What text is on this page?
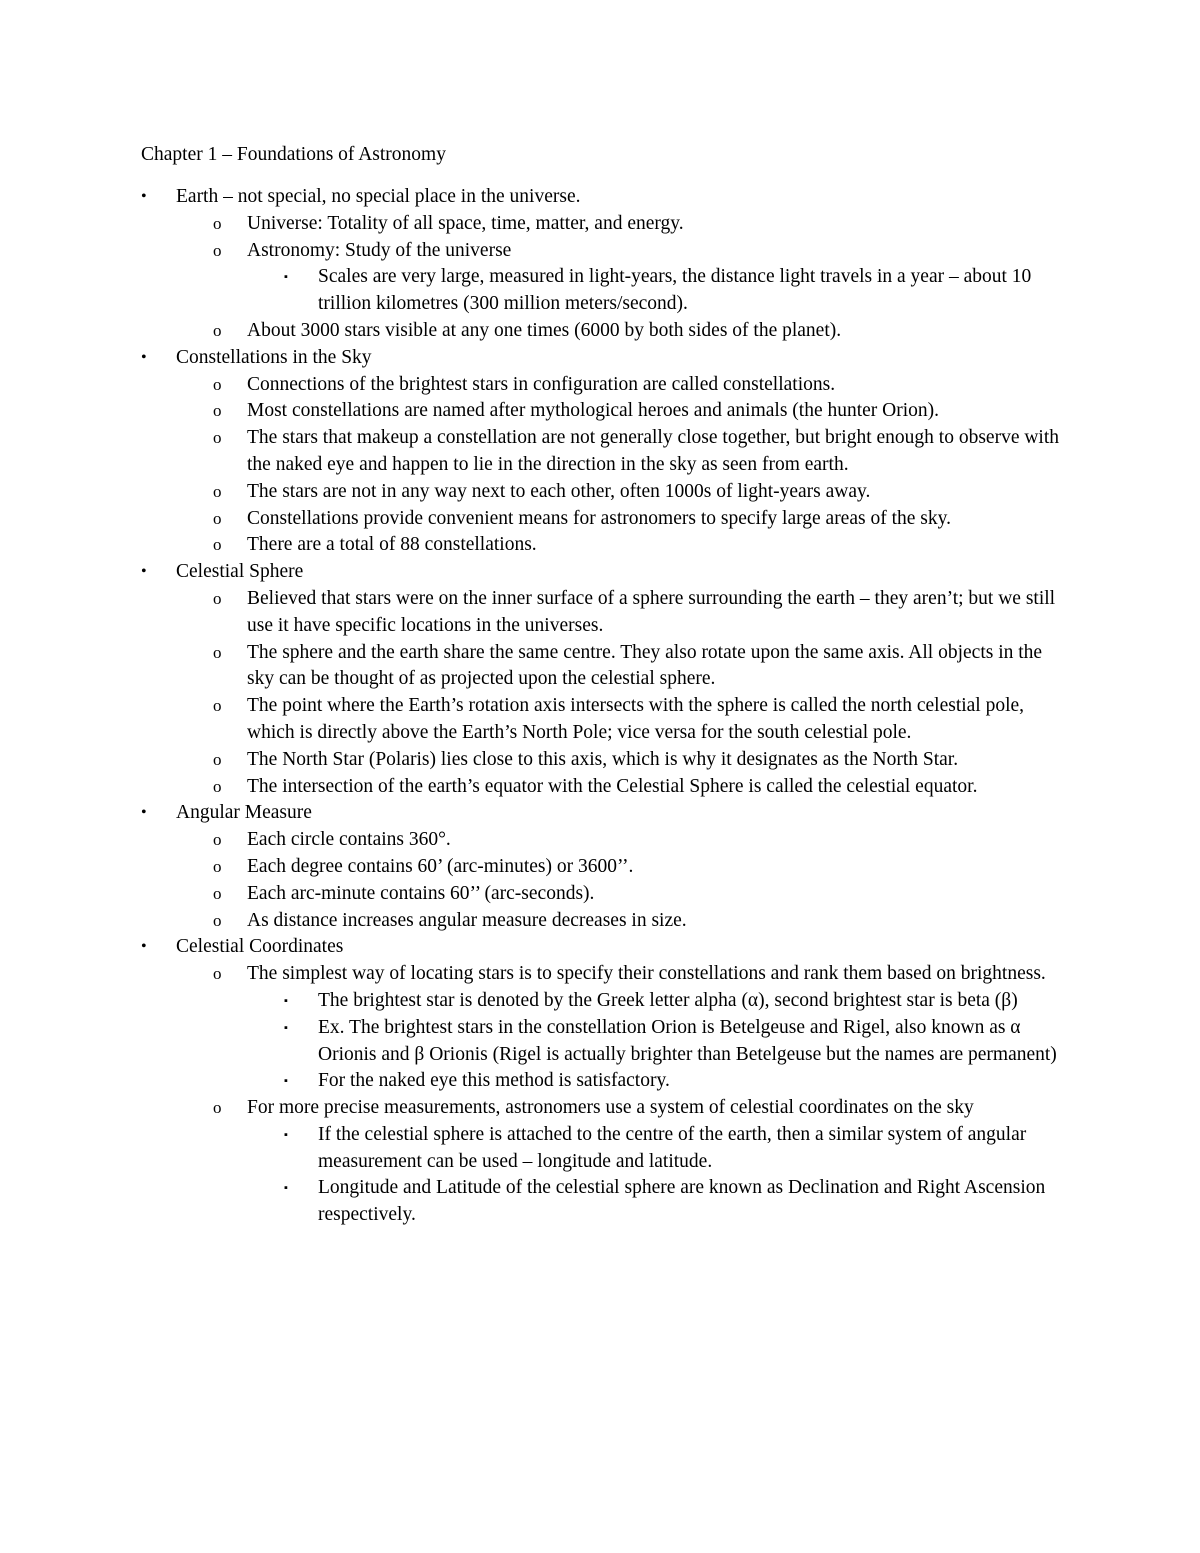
Chapter 1 – Foundations of Astronomy
•	Earth – not special, no special place in the universe.
o	Universe: Totality of all space, time, matter, and energy.
o	Astronomy: Study of the universe
▪	Scales are very large, measured in light-years, the distance light travels in a year – about 10 trillion kilometres (300 million meters/second).
o	About 3000 stars visible at any one times (6000 by both sides of the planet).
•	Constellations in the Sky
o	Connections of the brightest stars in configuration are called constellations.
o	Most constellations are named after mythological heroes and animals (the hunter Orion).
o	The stars that makeup a constellation are not generally close together, but bright enough to observe with the naked eye and happen to lie in the direction in the sky as seen from earth.
o	The stars are not in any way next to each other, often 1000s of light-years away.
o	Constellations provide convenient means for astronomers to specify large areas of the sky.
o	There are a total of 88 constellations.
•	Celestial Sphere
o	Believed that stars were on the inner surface of a sphere surrounding the earth – they aren’t; but we still use it have specific locations in the universes.
o	The sphere and the earth share the same centre. They also rotate upon the same axis. All objects in the sky can be thought of as projected upon the celestial sphere.
o	The point where the Earth’s rotation axis intersects with the sphere is called the north celestial pole, which is directly above the Earth’s North Pole; vice versa for the south celestial pole.
o	The North Star (Polaris) lies close to this axis, which is why it designates as the North Star.
o	The intersection of the earth’s equator with the Celestial Sphere is called the celestial equator.
•	Angular Measure
o	Each circle contains 360°.
o	Each degree contains 60’ (arc-minutes) or 3600’’.
o	Each arc-minute contains 60’’ (arc-seconds).
o	As distance increases angular measure decreases in size.
•	Celestial Coordinates
o	The simplest way of locating stars is to specify their constellations and rank them based on brightness.
▪	The brightest star is denoted by the Greek letter alpha (α), second brightest star is beta (β)
▪	Ex. The brightest stars in the constellation Orion is Betelgeuse and Rigel, also known as α Orionis and β Orionis (Rigel is actually brighter than Betelgeuse but the names are permanent)
▪	For the naked eye this method is satisfactory.
o	For more precise measurements, astronomers use a system of celestial coordinates on the sky
▪	If the celestial sphere is attached to the centre of the earth, then a similar system of angular measurement can be used – longitude and latitude.
▪	Longitude and Latitude of the celestial sphere are known as Declination and Right Ascension respectively.
